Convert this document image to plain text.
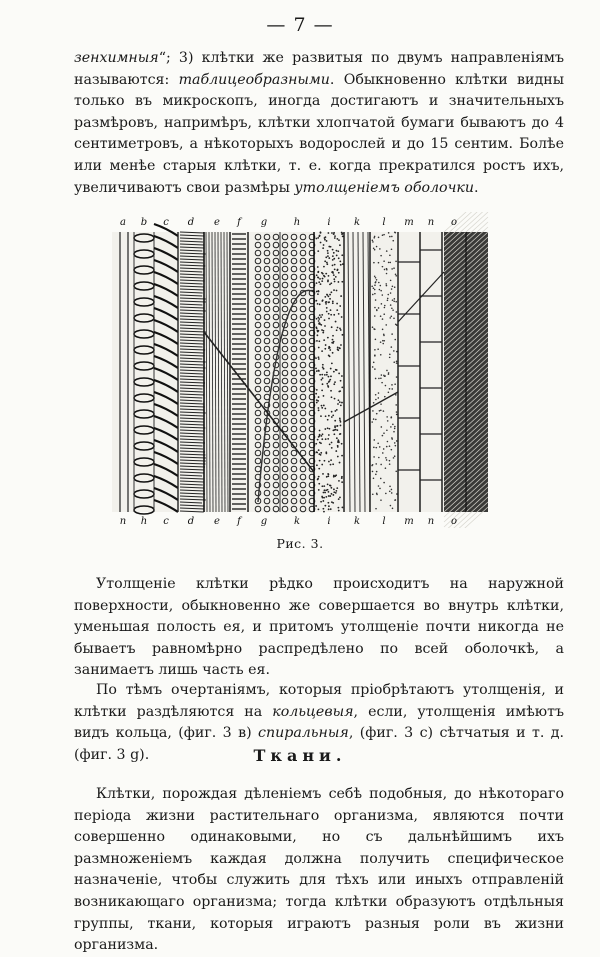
— 7 —

зенхимныя“; 3) клѣтки же развитыя по двумъ направленіямъ называются: таблицеобразными. Обыкновенно клѣтки видны только въ микроскопъ, иногда достигаютъ и значительныхъ размѣровъ, напримѣръ, клѣтки хлопчатой бумаги бываютъ до 4 сентиметровъ, а нѣкоторыхъ водорослей и до 15 сентим. Болѣе или менѣе старыя клѣтки, т. е. когда прекратился ростъ ихъ, увеличиваютъ свои размѣры утолщеніемъ оболочки.

a b c d e f g	h	i k l m n o
n h c d e f g	k	i k l m n o
Рис. 3.

Утолщеніе клѣтки рѣдко происходитъ на наружной поверхности, обыкновенно же совершается во внутрь клѣтки, уменьшая полость ея, и притомъ утолщеніе почти никогда не бываетъ равномѣрно распредѣлено по всей оболочкѣ, а занимаетъ лишь часть ея.

По тѣмъ очертаніямъ, которыя пріобрѣтаютъ утолщенія, и клѣтки раздѣляются на кольцевыя, если, утолщенія имѣютъ видъ кольца, (фиг. 3 в) спиральныя, (фиг. 3 с) сѣтчатыя и т. д. (фиг. 3 g).	Ткани.

Клѣтки, порождая дѣленіемъ себѣ подобныя, до нѣкотораго періода жизни растительнаго организма, являются почти совершенно одинаковыми, но съ дальнѣйшимъ ихъ размноженіемъ каждая должна получить специфическое назначеніе, чтобы служить для тѣхъ или иныхъ отправленій возникающаго организма; тогда клѣтки образуютъ отдѣльныя группы, ткани, которыя играютъ разныя роли въ жизни организма.
